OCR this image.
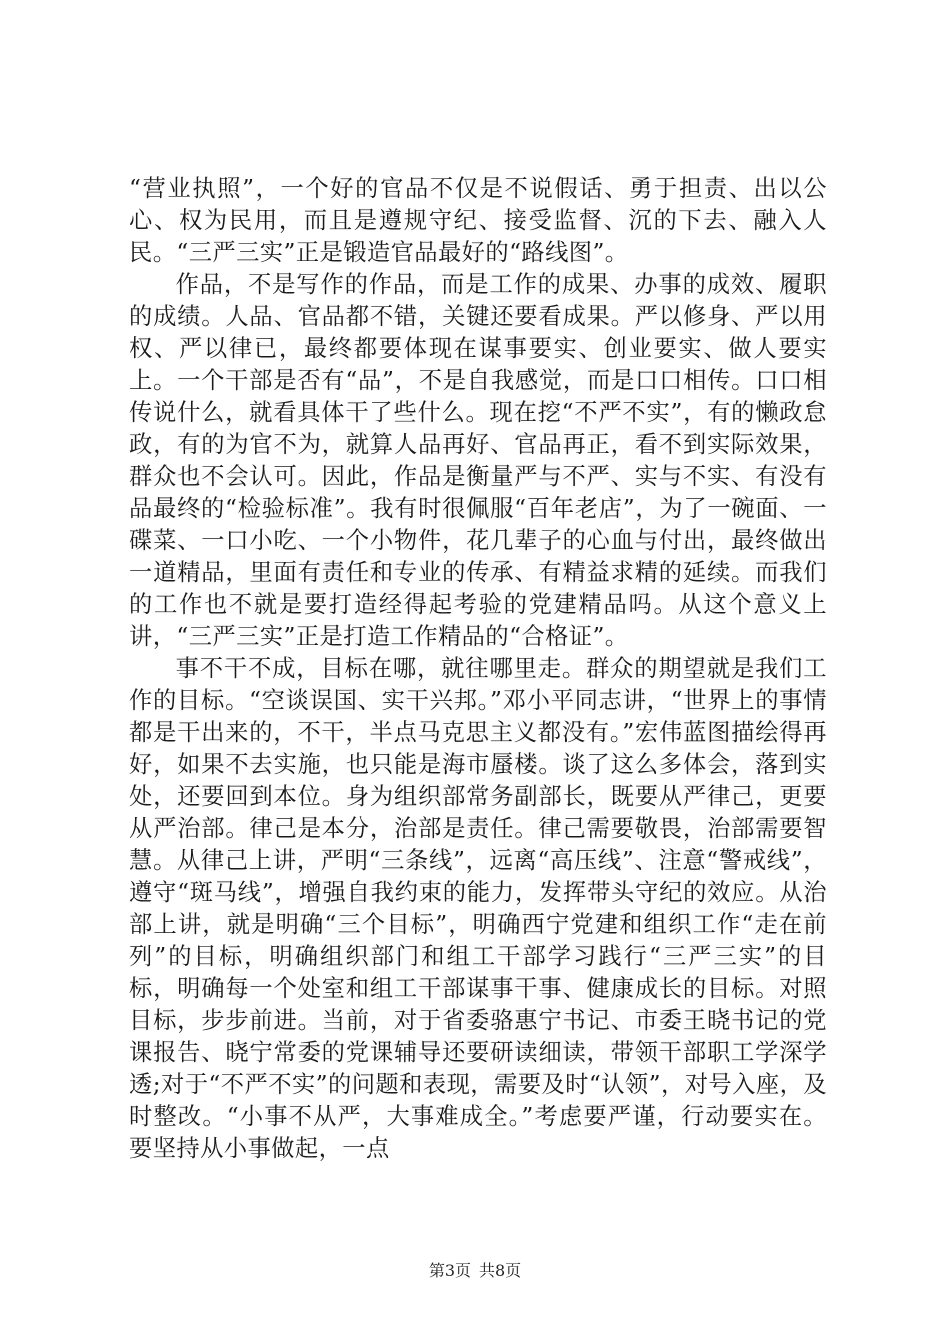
“营业执照”，一个好的官品不仅是不说假话、勇于担责、出以公心、权为民用，而且是遵规守纪、接受监督、沉的下去、融入人民。“三严三实”正是锻造官品最好的“路线图”。

作品，不是写作的作品，而是工作的成果、办事的成效、履职的成绩。人品、官品都不错，关键还要看成果。严以修身、严以用权、严以律已，最终都要体现在谋事要实、创业要实、做人要实上。一个干部是否有“品”，不是自我感觉，而是口口相传。口口相传说什么，就看具体干了些什么。现在挖“不严不实”，有的懒政怠政，有的为官不为，就算人品再好、官品再正，看不到实际效果，群众也不会认可。因此，作品是衡量严与不严、实与不实、有没有品最终的“检验标准”。我有时很佩服“百年老店”，为了一碗面、一碟菜、一口小吃、一个小物件，花几辈子的心血与付出，最终做出一道精品，里面有责任和专业的传承、有精益求精的延续。而我们的工作也不就是要打造经得起考验的党建精品吗。从这个意义上讲，“三严三实”正是打造工作精品的“合格证”。

事不干不成，目标在哪，就往哪里走。群众的期望就是我们工作的目标。“空谈误国、实干兴邦。”邓小平同志讲，“世界上的事情都是干出来的，不干，半点马克思主义都没有。”宏伟蓝图描绘得再好，如果不去实施，也只能是海市蜃楼。谈了这么多体会，落到实处，还要回到本位。身为组织部常务副部长，既要从严律己，更要从严治部。律己是本分，治部是责任。律己需要敬畏，治部需要智慧。从律己上讲，严明“三条线”，远离“高压线”、注意“警戒线”，遵守“斑马线”，增强自我约束的能力，发挥带头守纪的效应。从治部上讲，就是明确“三个目标”，明确西宁党建和组织工作“走在前列”的目标，明确组织部门和组工干部学习践行“三严三实”的目标，明确每一个处室和组工干部谋事干事、健康成长的目标。对照目标，步步前进。当前，对于省委骆惠宁书记、市委王晓书记的党课报告、晓宁常委的党课辅导还要研读细读，带领干部职工学深学透;对于“不严不实”的问题和表现，需要及时“认领”，对号入座，及时整改。“小事不从严，大事难成全。”考虑要严谨，行动要实在。要坚持从小事做起，一点

第3页 共8页
